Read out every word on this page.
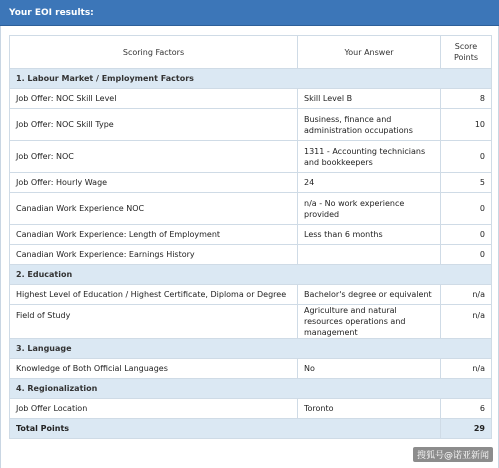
Your EOI results:
Scoring Factors	Your Answer	Score
Points
1. Labour Market / Employment Factors		
Job Offer: NOC Skill Level	Skill Level B	8
Job Offer: NOC Skill Type	Business, finance and administration occupations	10
Job Offer: NOC	1311 - Accounting technicians and bookkeepers	0
Job Offer: Hourly Wage	24	5
Canadian Work Experience NOC	n/a - No work experience provided	0
Canadian Work Experience: Length of Employment	Less than 6 months	0
Canadian Work Experience: Earnings History		0
2. Education		
Highest Level of Education / Highest Certificate, Diploma or Degree	Bachelor's degree or equivalent	n/a
Field of Study	Agriculture and natural resources operations and management	n/a
3. Language		
Knowledge of Both Official Languages	No	n/a
4. Regionalization		
Job Offer Location	Toronto	6
Total Points		29
搜狐号@诺亚新闻
